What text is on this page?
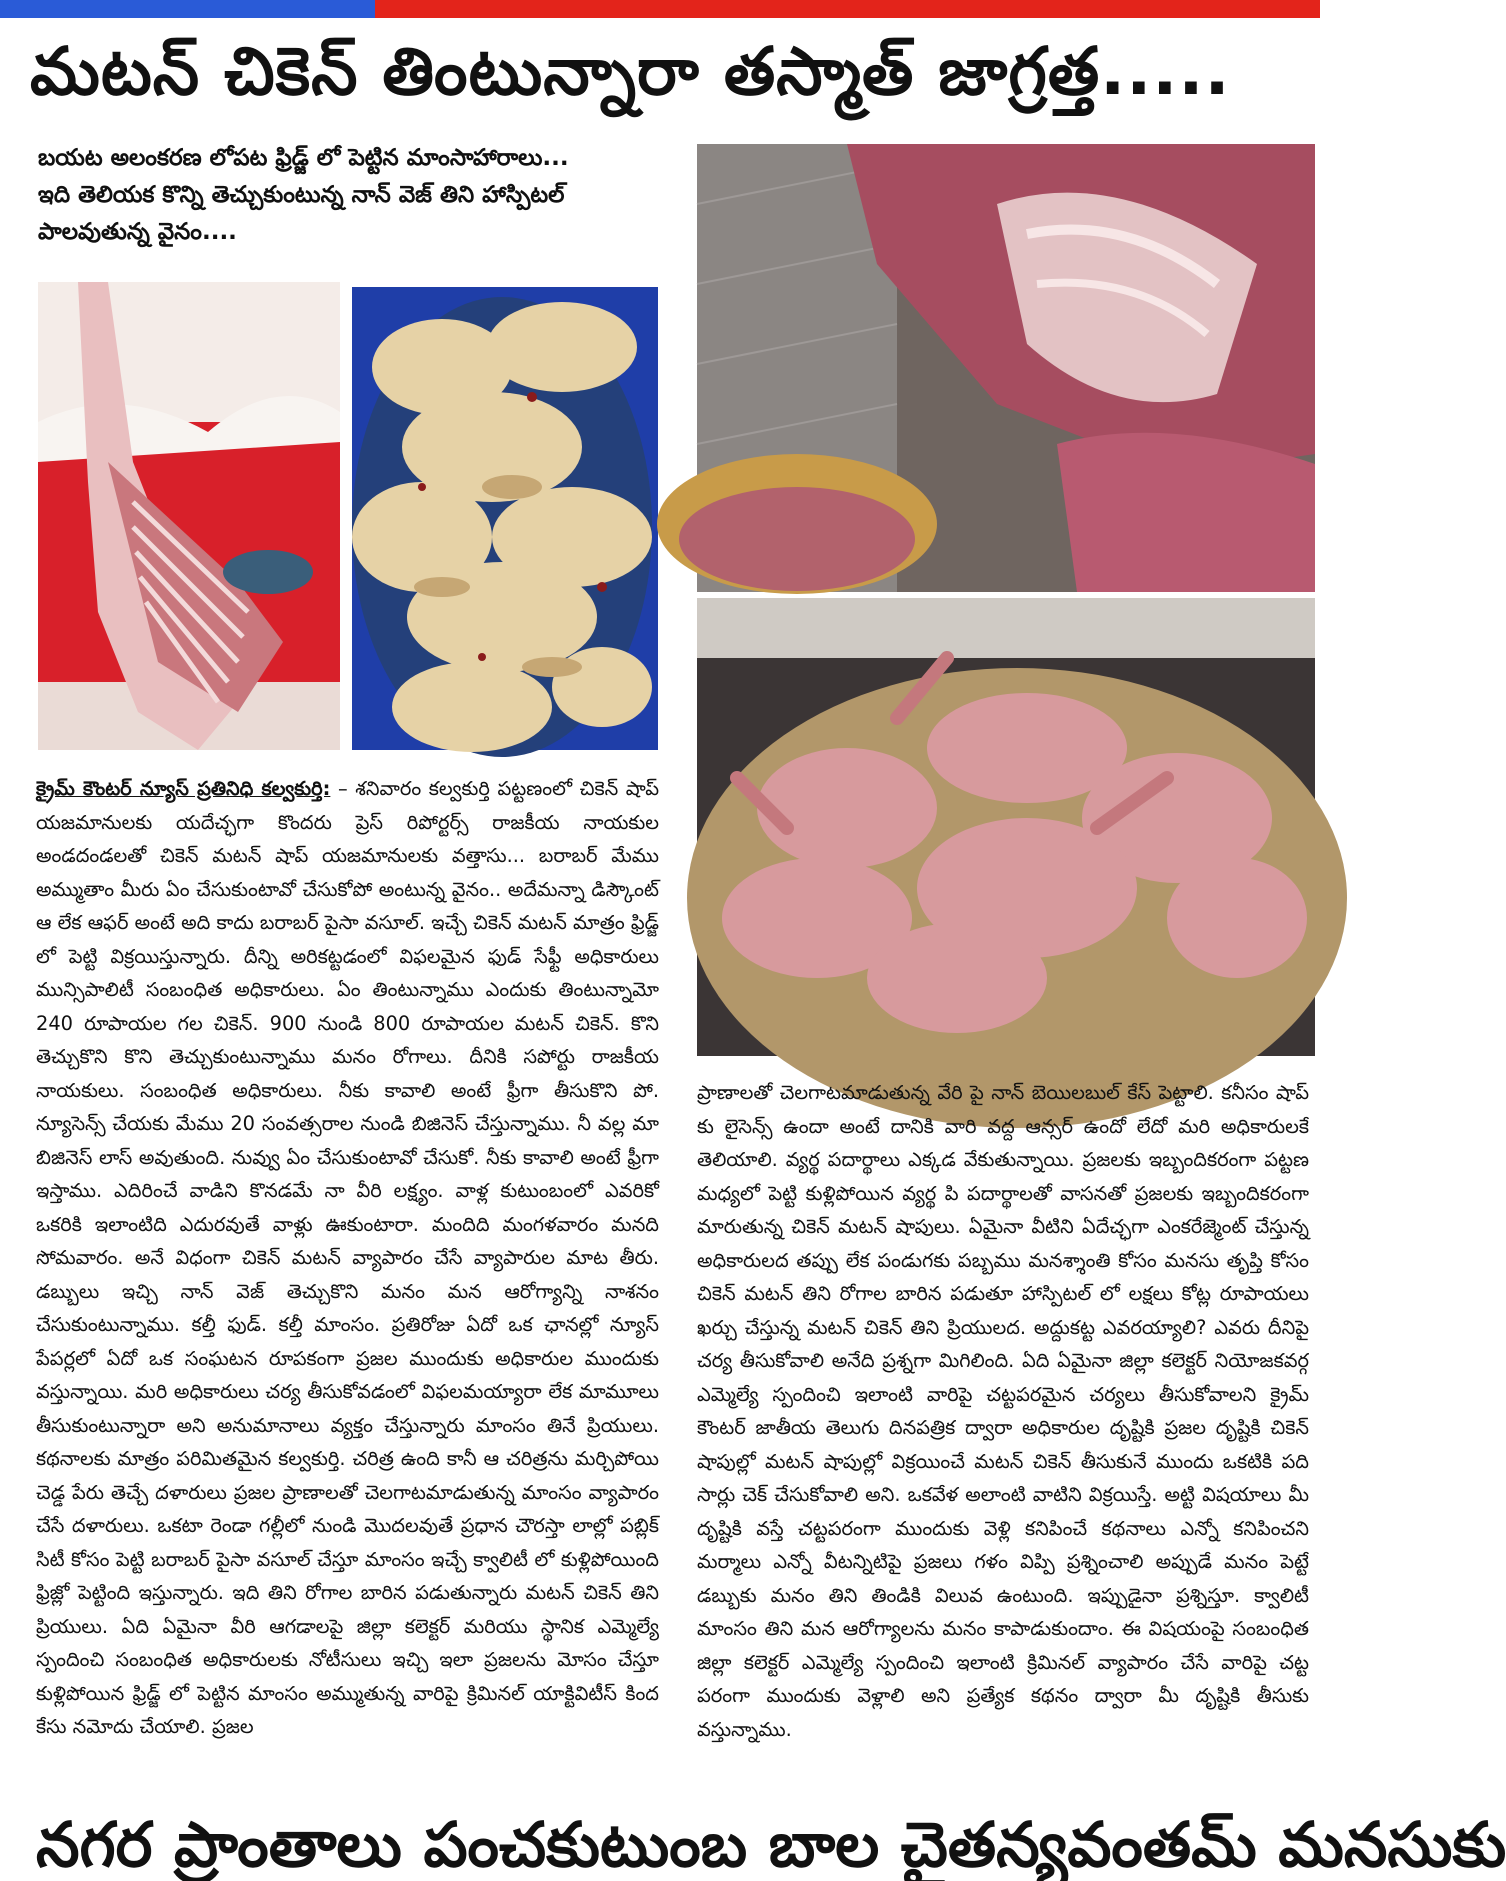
మటన్ చికెన్ తింటున్నారా తస్మాత్ జాగ్రత్త.....
బయట అలంకరణ లోపట ఫ్రిడ్జ్ లో పెట్టిన మాంసాహారాలు...
ఇది తెలియక కొన్ని తెచ్చుకుంటున్న నాన్ వెజ్ తిని హాస్పిటల్
పాలవుతున్న వైనం....
క్రైమ్ కౌంటర్ న్యూస్ ప్రతినిధి కల్వకుర్తి: – శనివారం కల్వకుర్తి పట్టణంలో చికెన్ షాప్ యజమానులకు యదేచ్ఛగా కొందరు ప్రెస్ రిపోర్టర్స్ రాజకీయ నాయకుల అండదండలతో చికెన్ మటన్ షాప్ యజమానులకు వత్తాసు... బరాబర్ మేము అమ్ముతాం మీరు ఏం చేసుకుంటావో చేసుకోపో అంటున్న వైనం.. అదేమన్నా డిస్కౌంట్ ఆ లేక ఆఫర్ అంటే అది కాదు బరాబర్ పైసా వసూల్. ఇచ్చే చికెన్ మటన్ మాత్రం ఫ్రిడ్జ్ లో పెట్టి విక్రయిస్తున్నారు. దీన్ని అరికట్టడంలో విఫలమైన ఫుడ్ సేఫ్టీ అధికారులు మున్సిపాలిటీ సంబంధిత అధికారులు. ఏం తింటున్నాము ఎందుకు తింటున్నామో 240 రూపాయల గల చికెన్. 900 నుండి 800 రూపాయల మటన్ చికెన్. కొని తెచ్చుకొని కొని తెచ్చుకుంటున్నాము మనం రోగాలు. దీనికి సపోర్టు రాజకీయ నాయకులు. సంబంధిత అధికారులు. నీకు కావాలి అంటే ఫ్రీగా తీసుకొని పో. న్యూసెన్స్ చేయకు మేము 20 సంవత్సరాల నుండి బిజినెస్ చేస్తున్నాము. నీ వల్ల మా బిజినెస్ లాస్ అవుతుంది. నువ్వు ఏం చేసుకుంటావో చేసుకో. నీకు కావాలి అంటే ఫ్రీగా ఇస్తాము. ఎదిరించే వాడిని కొనడమే నా వీరి లక్ష్యం. వాళ్ల కుటుంబంలో ఎవరికో ఒకరికి ఇలాంటిది ఎదురవుతే వాళ్లు ఊకుంటారా. మందిది మంగళవారం మనది సోమవారం. అనే విధంగా చికెన్ మటన్ వ్యాపారం చేసే వ్యాపారుల మాట తీరు. డబ్బులు ఇచ్చి నాన్ వెజ్ తెచ్చుకొని మనం మన ఆరోగ్యాన్ని నాశనం చేసుకుంటున్నాము. కల్తీ ఫుడ్. కల్తీ మాంసం. ప్రతిరోజు ఏదో ఒక ఛానల్లో న్యూస్ పేపర్లలో ఏదో ఒక సంఘటన రూపకంగా ప్రజల ముందుకు అధికారుల ముందుకు వస్తున్నాయి. మరి అధికారులు చర్య తీసుకోవడంలో విఫలమయ్యారా లేక మామూలు తీసుకుంటున్నారా అని అనుమానాలు వ్యక్తం చేస్తున్నారు మాంసం తినే ప్రియులు. కథనాలకు మాత్రం పరిమితమైన కల్వకుర్తి. చరిత్ర ఉంది కానీ ఆ చరిత్రను మర్చిపోయి చెడ్డ పేరు తెచ్చే దళారులు ప్రజల ప్రాణాలతో చెలగాటమాడుతున్న మాంసం వ్యాపారం చేసే దళారులు. ఒకటా రెండా గల్లీలో నుండి మొదలవుతే ప్రధాన చౌరస్తా లాల్లో పబ్లిక్ సిటీ కోసం పెట్టి బరాబర్ పైసా వసూల్ చేస్తూ మాంసం ఇచ్చే క్వాలిటీ లో కుళ్లిపోయింది ఫ్రిజ్లో పెట్టింది ఇస్తున్నారు. ఇది తిని రోగాల బారిన పడుతున్నారు మటన్ చికెన్ తిని ప్రియులు. ఏది ఏమైనా వీరి ఆగడాలపై జిల్లా కలెక్టర్ మరియు స్థానిక ఎమ్మెల్యే స్పందించి సంబంధిత అధికారులకు నోటీసులు ఇచ్చి ఇలా ప్రజలను మోసం చేస్తూ కుళ్లిపోయిన ఫ్రిడ్జ్ లో పెట్టిన మాంసం అమ్ముతున్న వారిపై క్రిమినల్ యాక్టివిటీస్ కింద కేసు నమోదు చేయాలి. ప్రజల
ప్రాణాలతో చెలగాటమాడుతున్న వేరి పై నాన్ బెయిలబుల్ కేస్ పెట్టాలి. కనీసం షాప్ కు లైసెన్స్ ఉందా అంటే దానికి వారి వద్ద ఆన్సర్ ఉందో లేదో మరి అధికారులకే తెలియాలి. వ్యర్థ పదార్థాలు ఎక్కడ వేకుతున్నాయి. ప్రజలకు ఇబ్బందికరంగా పట్టణ మధ్యలో పెట్టి కుళ్లిపోయిన వ్యర్థ పి పదార్థాలతో వాసనతో ప్రజలకు ఇబ్బందికరంగా మారుతున్న చికెన్ మటన్ షాపులు. ఏమైనా వీటిని ఏదేచ్ఛగా ఎంకరేజ్మెంట్ చేస్తున్న అధికారులద తప్పు లేక పండుగకు పబ్బము మనశ్శాంతి కోసం మనసు తృప్తి కోసం చికెన్ మటన్ తిని రోగాల బారిన పడుతూ హాస్పిటల్ లో లక్షలు కోట్ల రూపాయలు ఖర్చు చేస్తున్న మటన్ చికెన్ తిని ప్రియులద. అద్దుకట్ట ఎవరయ్యాలి? ఎవరు దీనిపై చర్య తీసుకోవాలి అనేది ప్రశ్నగా మిగిలింది. ఏది ఏమైనా జిల్లా కలెక్టర్ నియోజకవర్గ ఎమ్మెల్యే స్పందించి ఇలాంటి వారిపై చట్టపరమైన చర్యలు తీసుకోవాలని క్రైమ్ కౌంటర్ జాతీయ తెలుగు దినపత్రిక ద్వారా అధికారుల దృష్టికి ప్రజల దృష్టికి చికెన్ షాపుల్లో మటన్ షాపుల్లో విక్రయించే మటన్ చికెన్ తీసుకునే ముందు ఒకటికి పది సార్లు చెక్ చేసుకోవాలి అని. ఒకవేళ అలాంటి వాటిని విక్రయిస్తే. అట్టి విషయాలు మీ దృష్టికి వస్తే చట్టపరంగా ముందుకు వెళ్లి కనిపించే కథనాలు ఎన్నో కనిపించని మర్మాలు ఎన్నో వీటన్నిటిపై ప్రజలు గళం విప్పి ప్రశ్నించాలి అప్పుడే మనం పెట్టే డబ్బుకు మనం తిని తిండికి విలువ ఉంటుంది. ఇప్పుడైనా ప్రశ్నిస్తూ. క్వాలిటీ మాంసం తిని మన ఆరోగ్యాలను మనం కాపాడుకుందాం. ఈ విషయంపై సంబంధిత జిల్లా కలెక్టర్ ఎమ్మెల్యే స్పందించి ఇలాంటి క్రిమినల్ వ్యాపారం చేసే వారిపై చట్ట పరంగా ముందుకు వెళ్లాలి అని ప్రత్యేక కథనం ద్వారా మీ దృష్టికి తీసుకు వస్తున్నాము.
నగర ప్రాంతాలు పంచకుటుంబ బాల చైతన్యవంతమ్ మనసుకు
